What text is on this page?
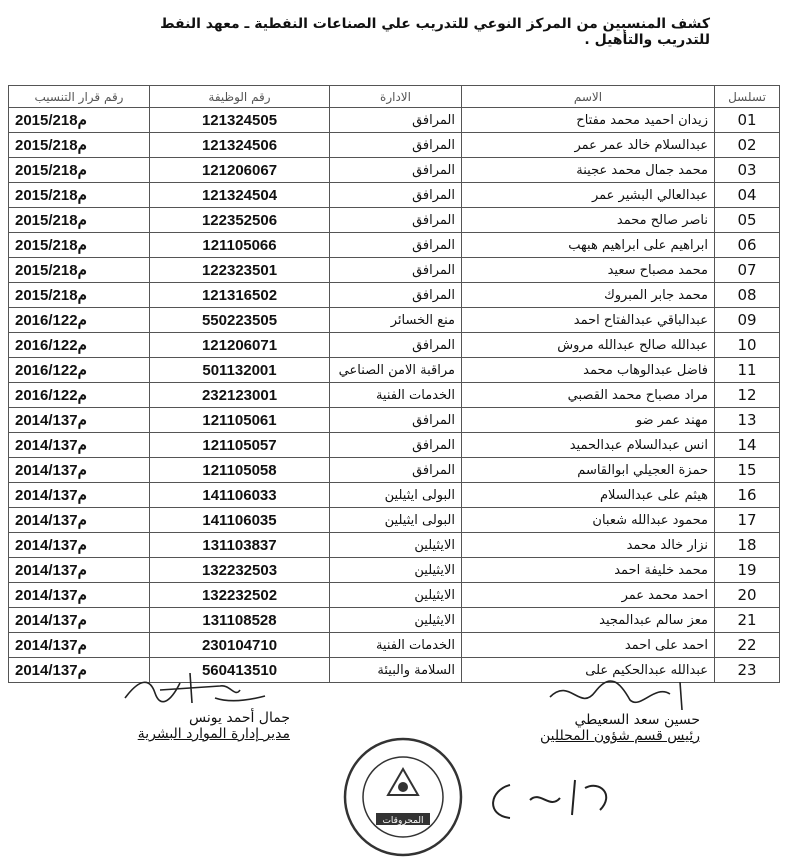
كشف المنسبين من المركز النوعي للتدريب علي الصناعات النفطية ـ معهد النفط للتدريب والتأهيل .
تسلسل	الاسم	الادارة	رقم الوظيفة	رقم قرار التنسيب
01	زيدان احميد محمد مفتاح	المرافق	121324505	2015/218م
02	عبدالسلام خالد عمر عمر	المرافق	121324506	2015/218م
03	محمد جمال محمد عجينة	المرافق	121206067	2015/218م
04	عبدالعالي البشير عمر	المرافق	121324504	2015/218م
05	ناصر صالح محمد	المرافق	122352506	2015/218م
06	ابراهيم على ابراهيم هبهب	المرافق	121105066	2015/218م
07	محمد مصباح سعيد	المرافق	122323501	2015/218م
08	محمد جابر المبروك	المرافق	121316502	2015/218م
09	عبدالباقي عبدالفتاح احمد	منع الخسائر	550223505	2016/122م
10	عبدالله صالح عبدالله مروش	المرافق	121206071	2016/122م
11	فاضل عبدالوهاب محمد	مراقبة الامن الصناعي	501132001	2016/122م
12	مراد مصباح محمد القصبي	الخدمات الفنية	232123001	2016/122م
13	مهند عمر ضو	المرافق	121105061	2014/137م
14	انس عبدالسلام عبدالحميد	المرافق	121105057	2014/137م
15	حمزة العجيلي ابوالقاسم	المرافق	121105058	2014/137م
16	هيثم على عبدالسلام	البولى ايثيلين	141106033	2014/137م
17	محمود عبدالله شعبان	البولى ايثيلين	141106035	2014/137م
18	نزار خالد محمد	الايثيلين	131103837	2014/137م
19	محمد خليفة احمد	الايثيلين	132232503	2014/137م
20	احمد محمد عمر	الايثيلين	132232502	2014/137م
21	معز سالم عبدالمجيد	الايثيلين	131108528	2014/137م
22	احمد على احمد	الخدمات الفنية	230104710	2014/137م
23	عبدالله عبدالحكيم على	السلامة والبيئة	560413510	2014/137م
جمال أحمد يونس
مدير إدارة الموارد البشرية
حسين سعد السعيطي
رئيس قسم شؤون المحللين
المحروقات
